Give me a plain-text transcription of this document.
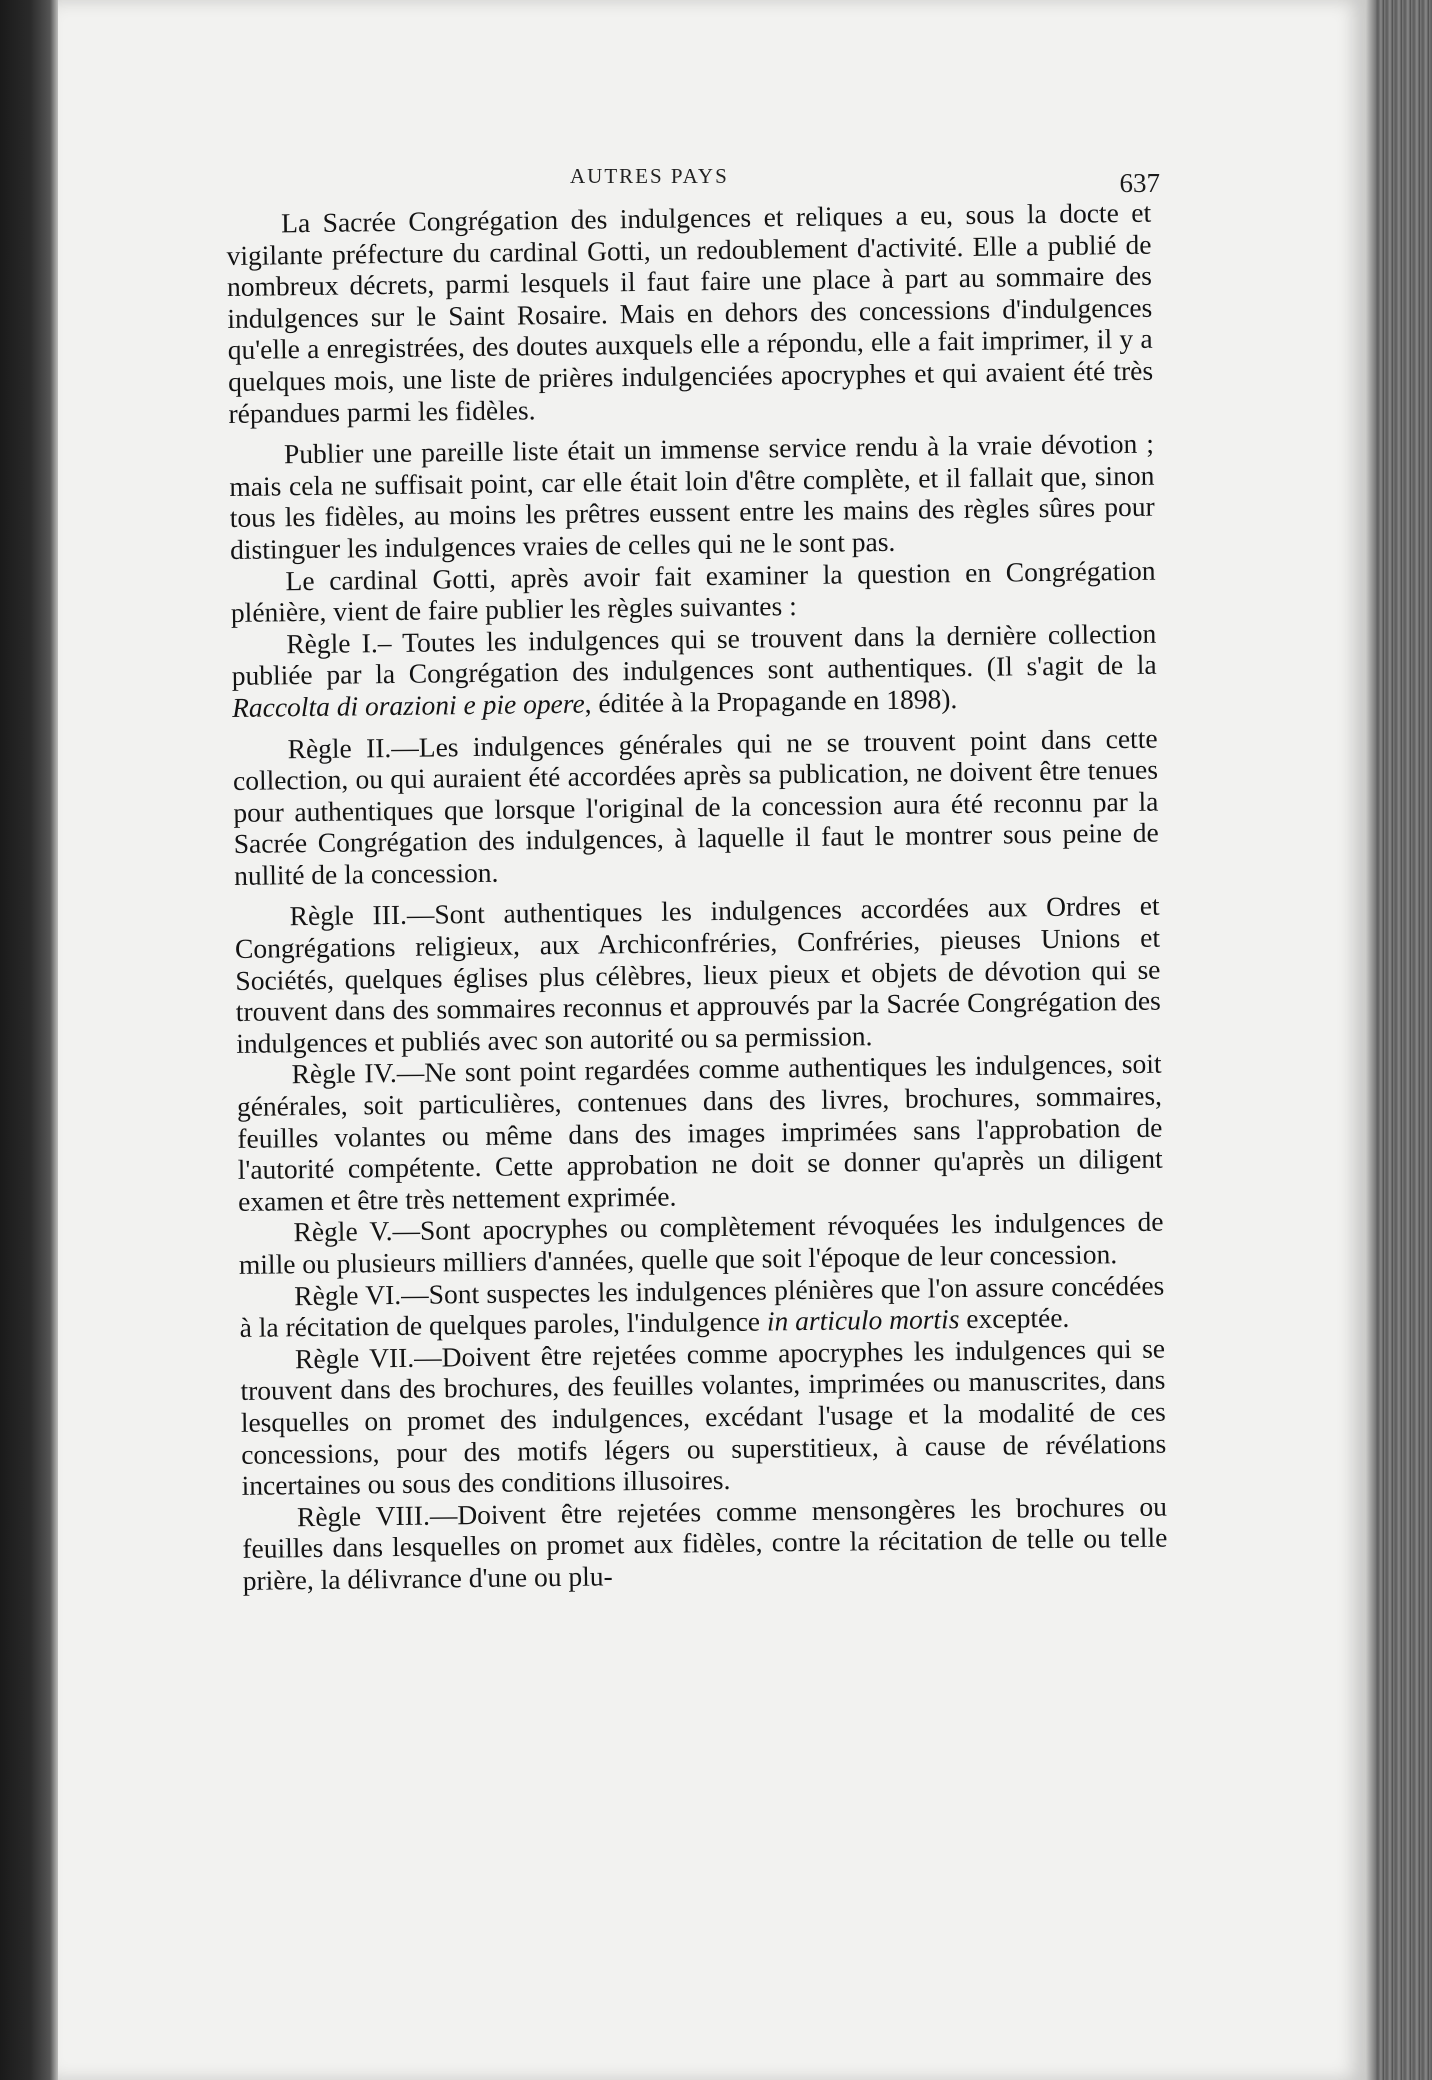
AUTRES PAYS	637

La Sacrée Congrégation des indulgences et reliques a eu, sous la docte et vigilante préfecture du cardinal Gotti, un redoublement d'activité. Elle a publié de nombreux décrets, parmi lesquels il faut faire une place à part au sommaire des indulgences sur le Saint Rosaire. Mais en dehors des concessions d'indulgences qu'elle a enregistrées, des doutes auxquels elle a répondu, elle a fait imprimer, il y a quelques mois, une liste de prières indulgenciées apocryphes et qui avaient été très répandues parmi les fidèles.

Publier une pareille liste était un immense service rendu à la vraie dévotion ; mais cela ne suffisait point, car elle était loin d'être complète, et il fallait que, sinon tous les fidèles, au moins les prêtres eussent entre les mains des règles sûres pour distinguer les indulgences vraies de celles qui ne le sont pas.

Le cardinal Gotti, après avoir fait examiner la question en Congrégation plénière, vient de faire publier les règles suivantes :

Règle I.– Toutes les indulgences qui se trouvent dans la dernière collection publiée par la Congrégation des indulgences sont authentiques. (Il s'agit de la Raccolta di orazioni e pie opere, éditée à la Propagande en 1898).

Règle II.—Les indulgences générales qui ne se trouvent point dans cette collection, ou qui auraient été accordées après sa publication, ne doivent être tenues pour authentiques que lorsque l'original de la concession aura été reconnu par la Sacrée Congrégation des indulgences, à laquelle il faut le montrer sous peine de nullité de la concession.

Règle III.—Sont authentiques les indulgences accordées aux Ordres et Congrégations religieux, aux Archiconfréries, Confréries, pieuses Unions et Sociétés, quelques églises plus célèbres, lieux pieux et objets de dévotion qui se trouvent dans des sommaires reconnus et approuvés par la Sacrée Congrégation des indulgences et publiés avec son autorité ou sa permission.

Règle IV.—Ne sont point regardées comme authentiques les indulgences, soit générales, soit particulières, contenues dans des livres, brochures, sommaires, feuilles volantes ou même dans des images imprimées sans l'approbation de l'autorité compétente. Cette approbation ne doit se donner qu'après un diligent examen et être très nettement exprimée.

Règle V.—Sont apocryphes ou complètement révoquées les indulgences de mille ou plusieurs milliers d'années, quelle que soit l'époque de leur concession.

Règle VI.—Sont suspectes les indulgences plénières que l'on assure concédées à la récitation de quelques paroles, l'indulgence in articulo mortis exceptée.

Règle VII.—Doivent être rejetées comme apocryphes les indulgences qui se trouvent dans des brochures, des feuilles volantes, imprimées ou manuscrites, dans lesquelles on promet des indulgences, excédant l'usage et la modalité de ces concessions, pour des motifs légers ou superstitieux, à cause de révélations incertaines ou sous des conditions illusoires.

Règle VIII.—Doivent être rejetées comme mensongères les brochures ou feuilles dans lesquelles on promet aux fidèles, contre la récitation de telle ou telle prière, la délivrance d'une ou plu-
